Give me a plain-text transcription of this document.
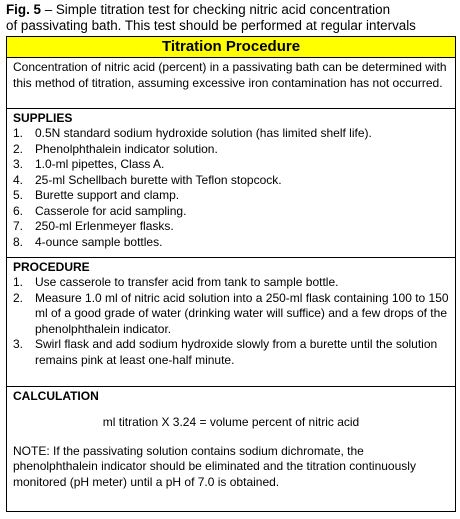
Fig. 5 – Simple titration test for checking nitric acid concentration
of passivating bath. This test should be performed at regular intervals
Titration Procedure
Concentration of nitric acid (percent) in a passivating bath can be determined with this method of titration, assuming excessive iron contamination has not occurred.
SUPPLIES
1. 0.5N standard sodium hydroxide solution (has limited shelf life).
2. Phenolphthalein indicator solution.
3. 1.0-ml pipettes, Class A.
4. 25-ml Schellbach burette with Teflon stopcock.
5. Burette support and clamp.
6. Casserole for acid sampling.
7. 250-ml Erlenmeyer flasks.
8. 4-ounce sample bottles.
PROCEDURE
1. Use casserole to transfer acid from tank to sample bottle.
2. Measure 1.0 ml of nitric acid solution into a 250-ml flask containing 100 to 150 ml of a good grade of water (drinking water will suffice) and a few drops of the phenolphthalein indicator.
3. Swirl flask and add sodium hydroxide slowly from a burette until the solution remains pink at least one-half minute.
CALCULATION
ml titration X 3.24 = volume percent of nitric acid
NOTE: If the passivating solution contains sodium dichromate, the phenolphthalein indicator should be eliminated and the titration continuously monitored (pH meter) until a pH of 7.0 is obtained.
